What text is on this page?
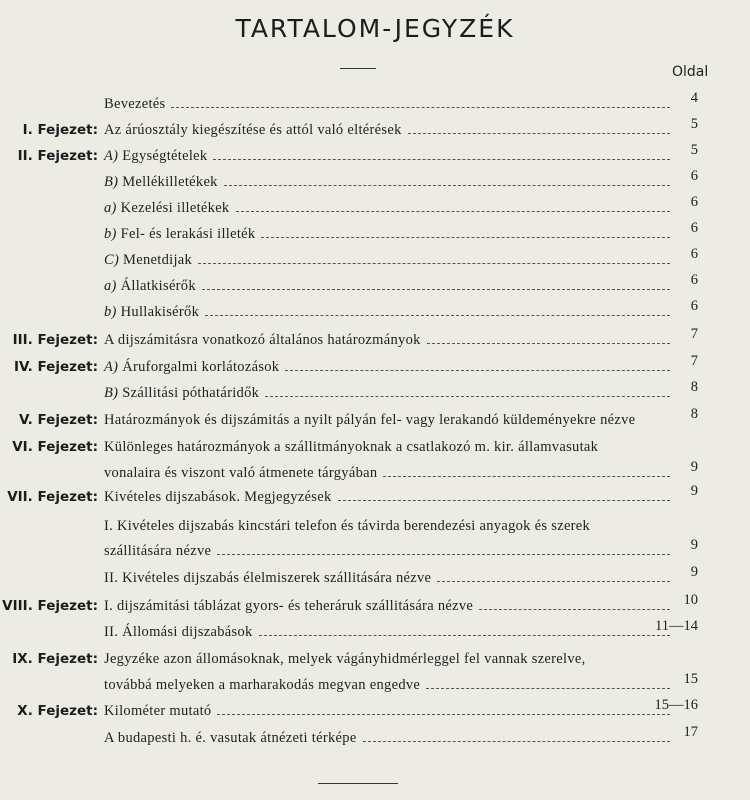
TARTALOM-JEGYZÉK
Oldal
Bevezetés	4
I. Fejezet: Az árúosztály kiegészítése és attól való eltérések	5
II. Fejezet: A) Egységtételek	5
B) Mellékilletékek	6
a) Kezelési illetékek	6
b) Fel- és lerakási illeték	6
C) Menetdijak	6
a) Állatkisérők	6
b) Hullakisérők	6
III. Fejezet: A dijszámitásra vonatkozó általános határozmányok	7
IV. Fejezet: A) Áruforgalmi korlátozások	7
B) Szállitási póthatáridők	8
V. Fejezet: Határozmányok és dijszámitás a nyilt pályán fel- vagy lerakandó küldeményekre nézve	8
VI. Fejezet: Különleges határozmányok a szállitmányoknak a csatlakozó m. kir. államvasutak
vonalaira és viszont való átmenete tárgyában	9
VII. Fejezet: Kivételes dijszabások. Megjegyzések	9
I. Kivételes dijszabás kincstári telefon és távirda berendezési anyagok és szerek
szállitására nézve	9
II. Kivételes dijszabás élelmiszerek szállitására nézve	9
VIII. Fejezet: I. dijszámitási táblázat gyors- és teheráruk szállitására nézve	10
II. Állomási dijszabások	11—14
IX. Fejezet: Jegyzéke azon állomásoknak, melyek vágányhidmérleggel fel vannak szerelve,
továbbá melyeken a marharakodás megvan engedve	15
X. Fejezet: Kilométer mutató	15—16
A budapesti h. é. vasutak átnézeti térképe	17
